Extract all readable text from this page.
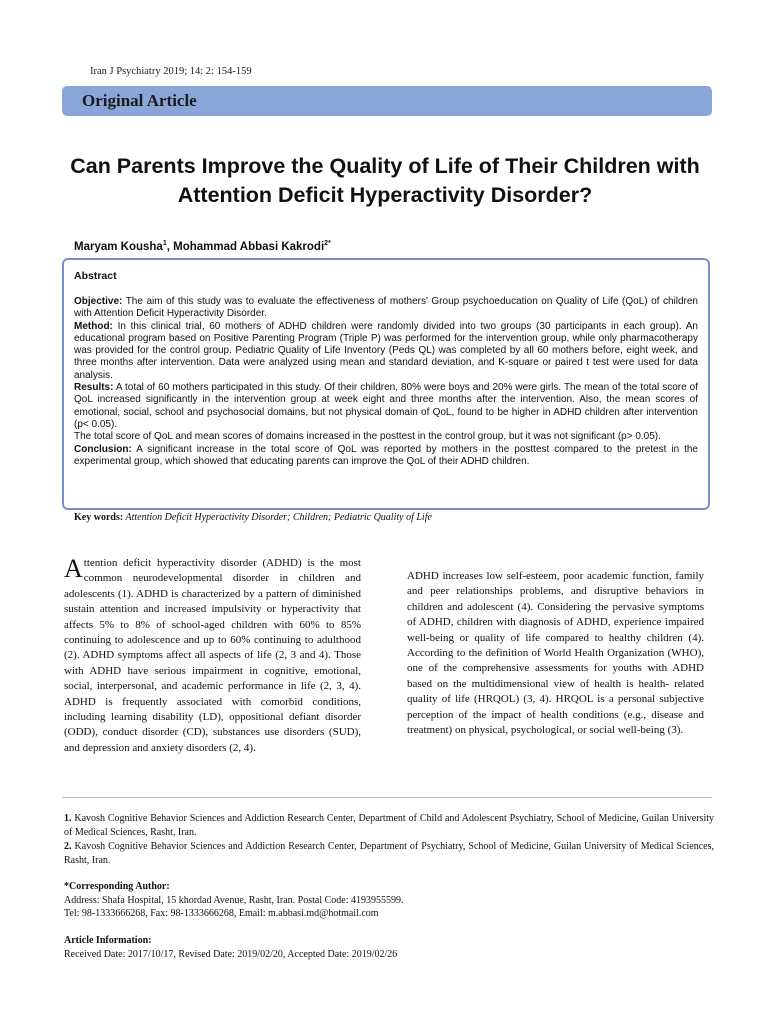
Iran J Psychiatry 2019; 14: 2: 154-159
Original Article
Can Parents Improve the Quality of Life of Their Children with Attention Deficit Hyperactivity Disorder?
Maryam Kousha$^1$, Mohammad Abbasi Kakrodi$^{2*}$
Abstract

Objective: The aim of this study was to evaluate the effectiveness of mothers' Group psychoeducation on Quality of Life (QoL) of children with Attention Deficit Hyperactivity Disorder.

Method: In this clinical trial, 60 mothers of ADHD children were randomly divided into two groups (30 participants in each group). An educational program based on Positive Parenting Program (Triple P) was performed for the intervention group, while only pharmacotherapy was provided for the control group. Pediatric Quality of Life Inventory (Peds QL) was completed by all 60 mothers before, eight week, and three months after intervention. Data were analyzed using mean and standard deviation, and K-square or paired t test were used for data analysis.

Results: A total of 60 mothers participated in this study. Of their children, 80% were boys and 20% were girls. The mean of the total score of QoL increased significantly in the intervention group at week eight and three months after the intervention. Also, the mean scores of emotional, social, school and psychosocial domains, but not physical domain of QoL, found to be higher in ADHD children after intervention (p< 0.05).

The total score of QoL and mean scores of domains increased in the posttest in the control group, but it was not significant (p> 0.05).

Conclusion: A significant increase in the total score of QoL was reported by mothers in the posttest compared to the pretest in the experimental group, which showed that educating parents can improve the QoL of their ADHD children.

Key words: Attention Deficit Hyperactivity Disorder; Children; Pediatric Quality of Life
Attention deficit hyperactivity disorder (ADHD) is the most common neurodevelopmental disorder in children and adolescents (1). ADHD is characterized by a pattern of diminished sustain attention and increased impulsivity or hyperactivity that affects 5% to 8% of school-aged children with 60% to 85% continuing to adolescence and up to 60% continuing to adulthood (2). ADHD symptoms affect all aspects of life (2, 3 and 4). Those with ADHD have serious impairment in cognitive, emotional, social, interpersonal, and academic performance in life (2, 3, 4). ADHD is frequently associated with comorbid conditions, including learning disability (LD), oppositional defiant disorder (ODD), conduct disorder (CD), substances use disorders (SUD), and depression and anxiety disorders (2, 4).

ADHD increases low self-esteem, poor academic function, family and peer relationships problems, and disruptive behaviors in children and adolescent (4). Considering the pervasive symptoms of ADHD, children with diagnosis of ADHD, experience impaired well-being or quality of life compared to healthy children (4). According to the definition of World Health Organization (WHO), one of the comprehensive assessments for youths with ADHD based on the multidimensional view of health is health- related quality of life (HRQOL) (3, 4). HRQOL is a personal subjective perception of the impact of health conditions (e.g., disease and treatment) on physical, psychological, or social well-being (3).

1. Kavosh Cognitive Behavior Sciences and Addiction Research Center, Department of Child and Adolescent Psychiatry, School of Medicine, Guilan University of Medical Sciences, Rasht, Iran.

2. Kavosh Cognitive Behavior Sciences and Addiction Research Center, Department of Psychiatry, School of Medicine, Guilan University of Medical Sciences, Rasht, Iran.

*Corresponding Author:

Address: Shafa Hospital, 15 khordad Avenue, Rasht, Iran. Postal Code: 4193955599.

Tel: 98-1333666268, Fax: 98-1333666268, Email: m.abbasi.md@hotmail.com

Article Information:

Received Date: 2017/10/17, Revised Date: 2019/02/20, Accepted Date: 2019/02/26
